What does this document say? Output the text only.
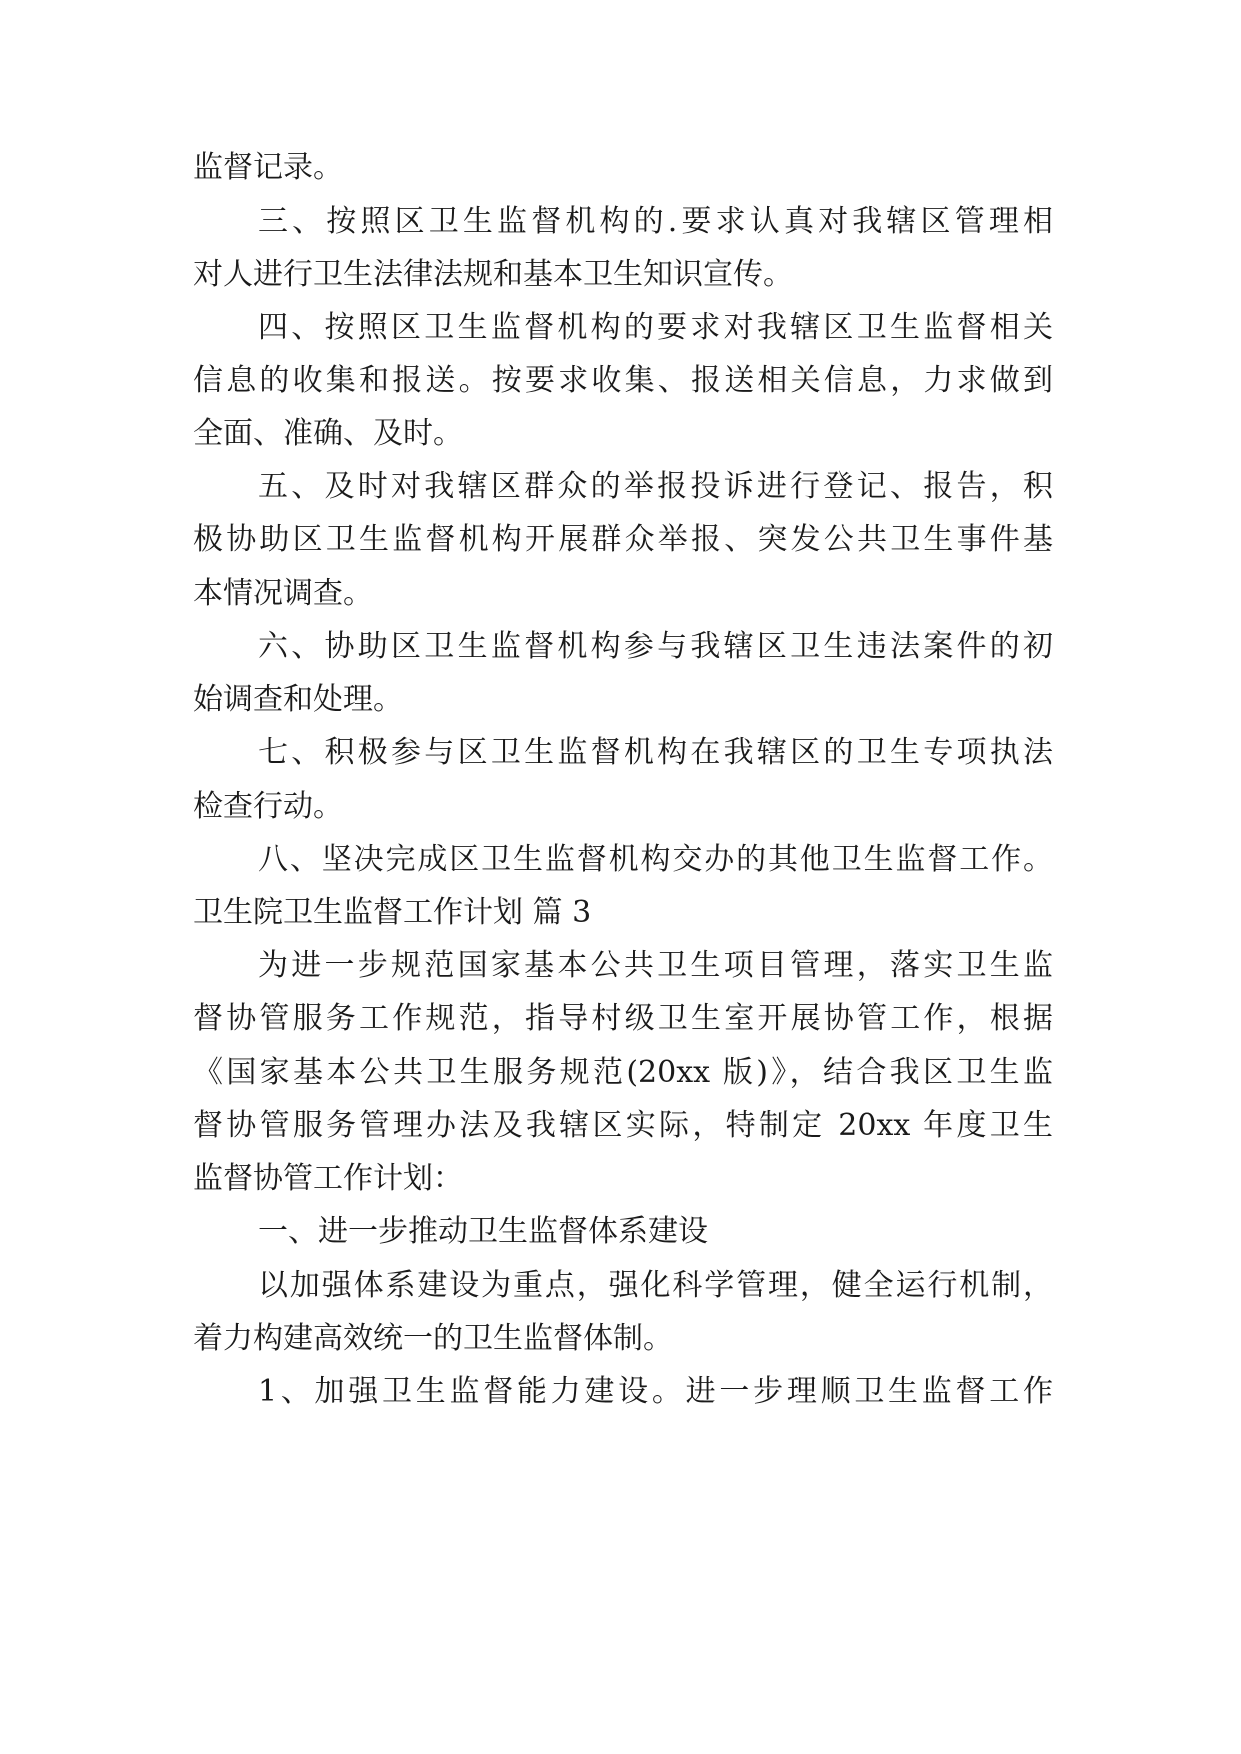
监督记录。
三、按照区卫生监督机构的.要求认真对我辖区管理相
对人进行卫生法律法规和基本卫生知识宣传。
四、按照区卫生监督机构的要求对我辖区卫生监督相关
信息的收集和报送。按要求收集、报送相关信息，力求做到
全面、准确、及时。
五、及时对我辖区群众的举报投诉进行登记、报告，积
极协助区卫生监督机构开展群众举报、突发公共卫生事件基
本情况调查。
六、协助区卫生监督机构参与我辖区卫生违法案件的初
始调查和处理。
七、积极参与区卫生监督机构在我辖区的卫生专项执法
检查行动。
八、坚决完成区卫生监督机构交办的其他卫生监督工作。
卫生院卫生监督工作计划 篇 3
为进一步规范国家基本公共卫生项目管理，落实卫生监
督协管服务工作规范，指导村级卫生室开展协管工作，根据
《国家基本公共卫生服务规范(20xx 版)》，结合我区卫生监
督协管服务管理办法及我辖区实际，特制定 20xx 年度卫生
监督协管工作计划：
一、进一步推动卫生监督体系建设
以加强体系建设为重点，强化科学管理，健全运行机制，
着力构建高效统一的卫生监督体制。
1、加强卫生监督能力建设。进一步理顺卫生监督工作
